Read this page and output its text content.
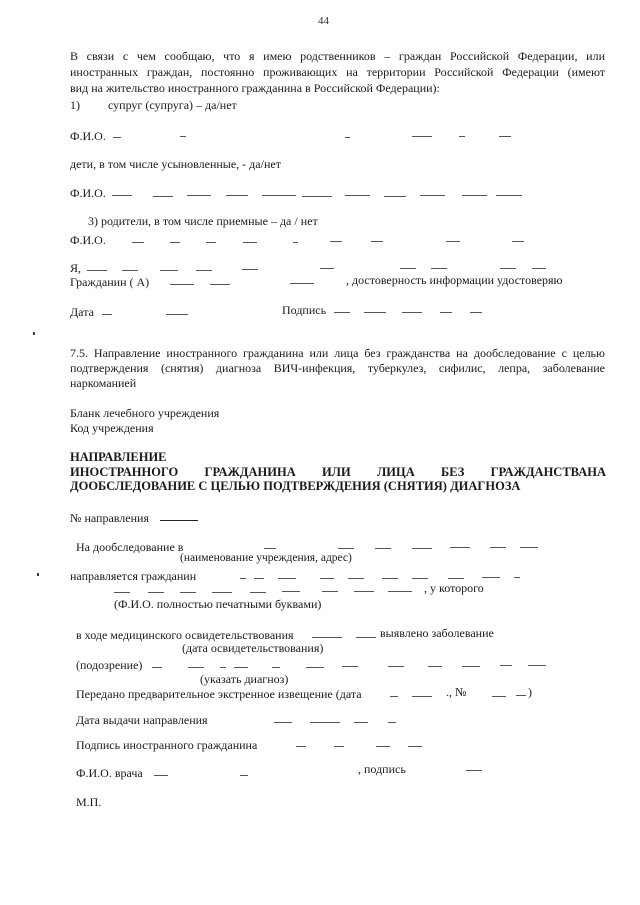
44
В связи с чем сообщаю, что я имею родственников – граждан Российской Федерации, или
иностранных граждан, постоянно проживающих на территории Российской Федерации (имеют
вид на жительство иностранного гражданина в Российской Федерации):
1) супруг (супруга) – да/нет
Ф.И.О.
дети, в том числе усыновленные, - да/нет
Ф.И.О.
3) родители, в том числе приемные – да / нет
Ф.И.О.
Я,
Гражданин ( А)	, достоверность информации удостоверяю
Дата	Подпись
7.5. Направление иностранного гражданина или лица без гражданства на дообследование с целью
подтверждения (снятия) диагноза ВИЧ-инфекция, туберкулез, сифилис, лепра, заболевание
наркоманией
Бланк лечебного учреждения
Код учреждения
НАПРАВЛЕНИЕ
ИНОСТРАННОГО ГРАЖДАНИНА ИЛИ ЛИЦА БЕЗ ГРАЖДАНСТВАНА
ДООБСЛЕДОВАНИЕ С ЦЕЛЬЮ ПОДТВЕРЖДЕНИЯ (СНЯТИЯ) ДИАГНОЗА
№ направления
На дообследование в
(наименование учреждения, адрес)
направляется гражданин
, у которого
(Ф.И.О. полностью печатными буквами)
в ходе медицинского освидетельствования	выявлено заболевание
(дата освидетельствования)
(подозрение)
(указать диагноз)
Передано предварительное экстренное извещение (дата	., №	)
Дата выдачи направления
Подпись иностранного гражданина
Ф.И.О. врача	, подпись
М.П.
